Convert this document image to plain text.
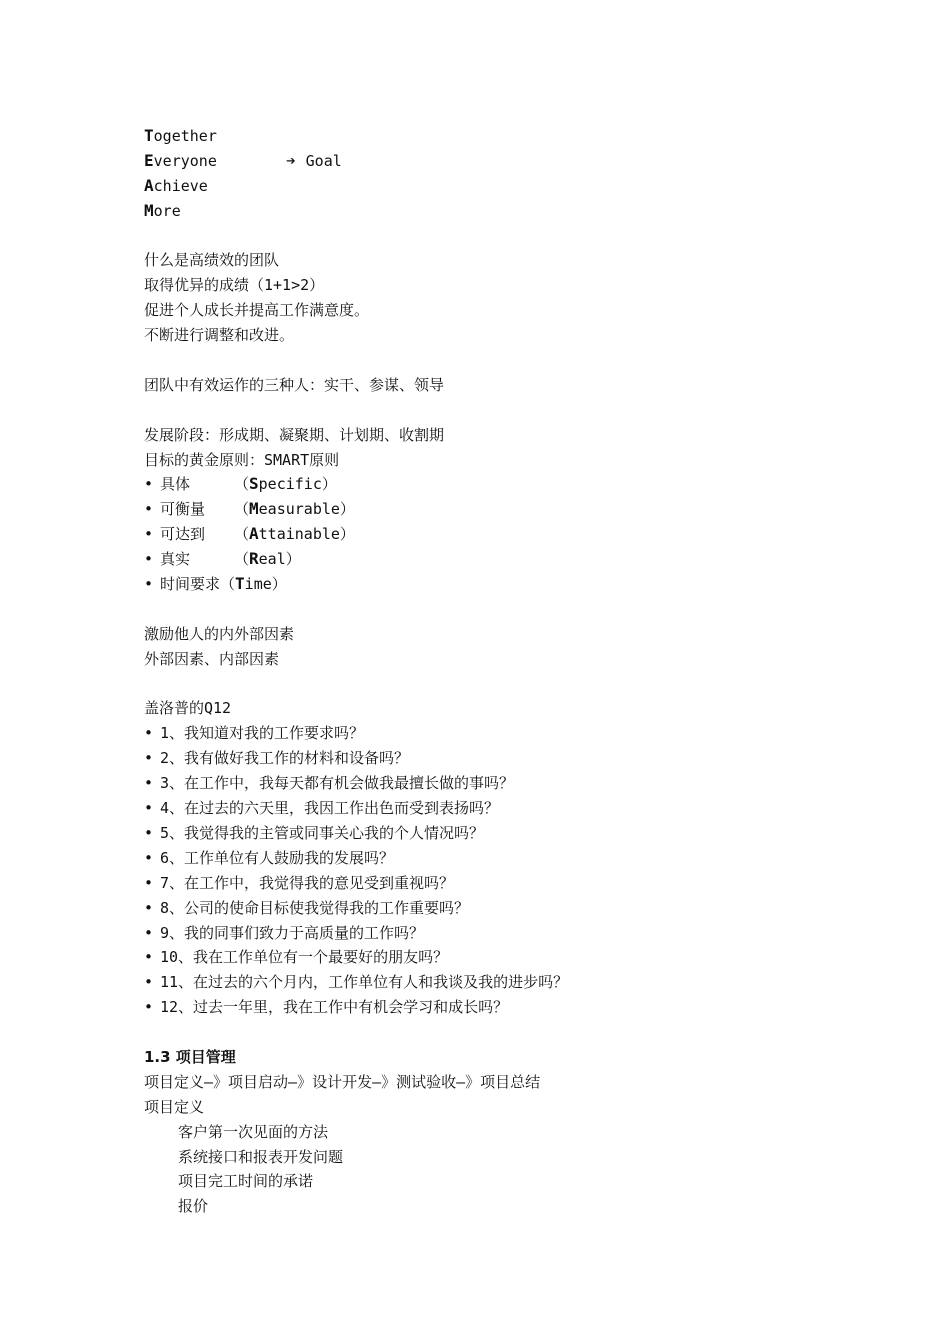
Together
Everyone	➔ Goal
Achieve
More
什么是高绩效的团队
取得优异的成绩（1+1>2）
促进个人成长并提高工作满意度。
不断进行调整和改进。
团队中有效运作的三种人：实干、参谋、领导
发展阶段：形成期、凝聚期、计划期、收割期
目标的黄金原则：SMART原则
• 具体	（Specific）
• 可衡量 （Measurable）
• 可达到 （Attainable）
• 真实	（Real）
• 时间要求（Time）
激励他人的内外部因素
外部因素、内部因素
盖洛普的Q12
• 1、我知道对我的工作要求吗？
• 2、我有做好我工作的材料和设备吗？
• 3、在工作中，我每天都有机会做我最擅长做的事吗？
• 4、在过去的六天里，我因工作出色而受到表扬吗？
• 5、我觉得我的主管或同事关心我的个人情况吗？
• 6、工作单位有人鼓励我的发展吗？
• 7、在工作中，我觉得我的意见受到重视吗？
• 8、公司的使命目标使我觉得我的工作重要吗？
• 9、我的同事们致力于高质量的工作吗？
• 10、我在工作单位有一个最要好的朋友吗？
• 11、在过去的六个月内，工作单位有人和我谈及我的进步吗？
• 12、过去一年里，我在工作中有机会学习和成长吗？
1.3 项目管理
项目定义—》项目启动—》设计开发—》测试验收—》项目总结
项目定义
客户第一次见面的方法
系统接口和报表开发问题
项目完工时间的承诺
报价
